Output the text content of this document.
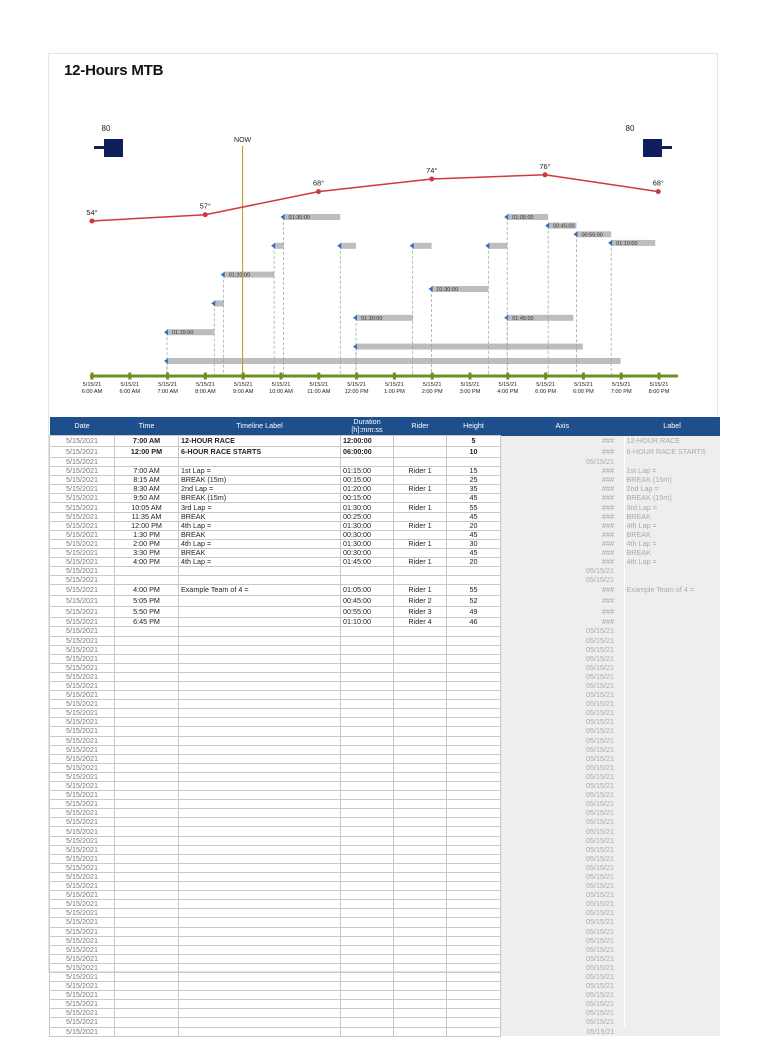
12-Hours MTB
01:15:00
01:20:00
01:30:00
01:30:00
01:30:00
01:45:00
01:05:00
00:45:00
00:55:00
01:10:00
NOW
54°
57°
68°
74°	76°
68°
80	80
5/15/21
6:00 AM
5/15/21
6:00 AM
5/15/21
7:00 AM
5/15/21
8:00 AM
5/15/21
9:00 AM
5/15/21
10:00 AM
5/15/21
11:00 AM
5/15/21
12:00 PM
5/15/21
1:00 PM
5/15/21
2:00 PM
5/15/21
3:00 PM
5/15/21
4:00 PM
5/15/21
6:00 PM
5/15/21
6:00 PM
5/15/21
7:00 PM
5/15/21
8:00 PM
Date	Time	Timeline Label	Duration [h]:mm:ss	Rider	Height	Axis	Label
5/15/2021	7:00 AM	12-HOUR RACE	12:00:00		5	###	12-HOUR RACE
5/15/2021	12:00 PM	6-HOUR RACE STARTS	06:00:00		10	###	6-HOUR RACE STARTS
5/15/2021						05/15/21	
5/15/2021	7:00 AM	1st Lap =	01:15:00	Rider 1	15	###	1st Lap =
5/15/2021	8:15 AM	BREAK (15m)	00:15:00		25	###	BREAK (15m)
5/15/2021	8:30 AM	2nd Lap =	01:20:00	Rider 1	35	###	2nd Lap =
5/15/2021	9:50 AM	BREAK (15m)	00:15:00		45	###	BREAK (15m)
5/15/2021	10:05 AM	3rd Lap =	01:30:00	Rider 1	55	###	3rd Lap =
5/15/2021	11:35 AM	BREAK	00:25:00		45	###	BREAK
5/15/2021	12:00 PM	4th Lap =	01:30:00	Rider 1	20	###	4th Lap =
5/15/2021	1:30 PM	BREAK	00:30:00		45	###	BREAK
5/15/2021	2:00 PM	4th Lap =	01:30:00	Rider 1	30	###	4th Lap =
5/15/2021	3:30 PM	BREAK	00:30:00		45	###	BREAK
5/15/2021	4:00 PM	4th Lap =	01:45:00	Rider 1	20	###	4th Lap =
5/15/2021						05/15/21	
5/15/2021						05/15/21	
5/15/2021	4:00 PM	Example Team of 4 =	01:05:00	Rider 1	55	###	Example Team of 4 =
5/15/2021	5:05 PM		00:45:00	Rider 2	52	###	
5/15/2021	5:50 PM		00:55:00	Rider 3	49	###	
5/15/2021	6:45 PM		01:10:00	Rider 4	46	###	
5/15/2021						05/15/21	
5/15/2021						05/15/21	
5/15/2021						05/15/21	
5/15/2021						05/15/21	
5/15/2021						05/15/21	
5/15/2021						05/15/21	
5/15/2021						05/15/21	
5/15/2021						05/15/21	
5/15/2021						05/15/21	
5/15/2021						05/15/21	
5/15/2021						05/15/21	
5/15/2021						05/15/21	
5/15/2021						05/15/21	
5/15/2021						05/15/21	
5/15/2021						05/15/21	
5/15/2021						05/15/21	
5/15/2021						05/15/21	
5/15/2021						05/15/21	
5/15/2021						05/15/21	
5/15/2021						05/15/21	
5/15/2021						05/15/21	
5/15/2021						05/15/21	
5/15/2021						05/15/21	
5/15/2021						05/15/21	
5/15/2021						05/15/21	
5/15/2021						05/15/21	
5/15/2021						05/15/21	
5/15/2021						05/15/21	
5/15/2021						05/15/21	
5/15/2021						05/15/21	
5/15/2021						05/15/21	
5/15/2021						05/15/21	
5/15/2021						05/15/21	
5/15/2021						05/15/21	
5/15/2021						05/15/21	
5/15/2021						05/15/21	
5/15/2021						05/15/21	
5/15/2021						05/15/21	
5/15/2021						05/15/21	
5/15/2021						05/15/21	
5/15/2021						05/15/21	
5/15/2021						05/15/21	
5/15/2021						05/15/21	
5/15/2021						05/15/21	
5/15/2021						05/15/21	
